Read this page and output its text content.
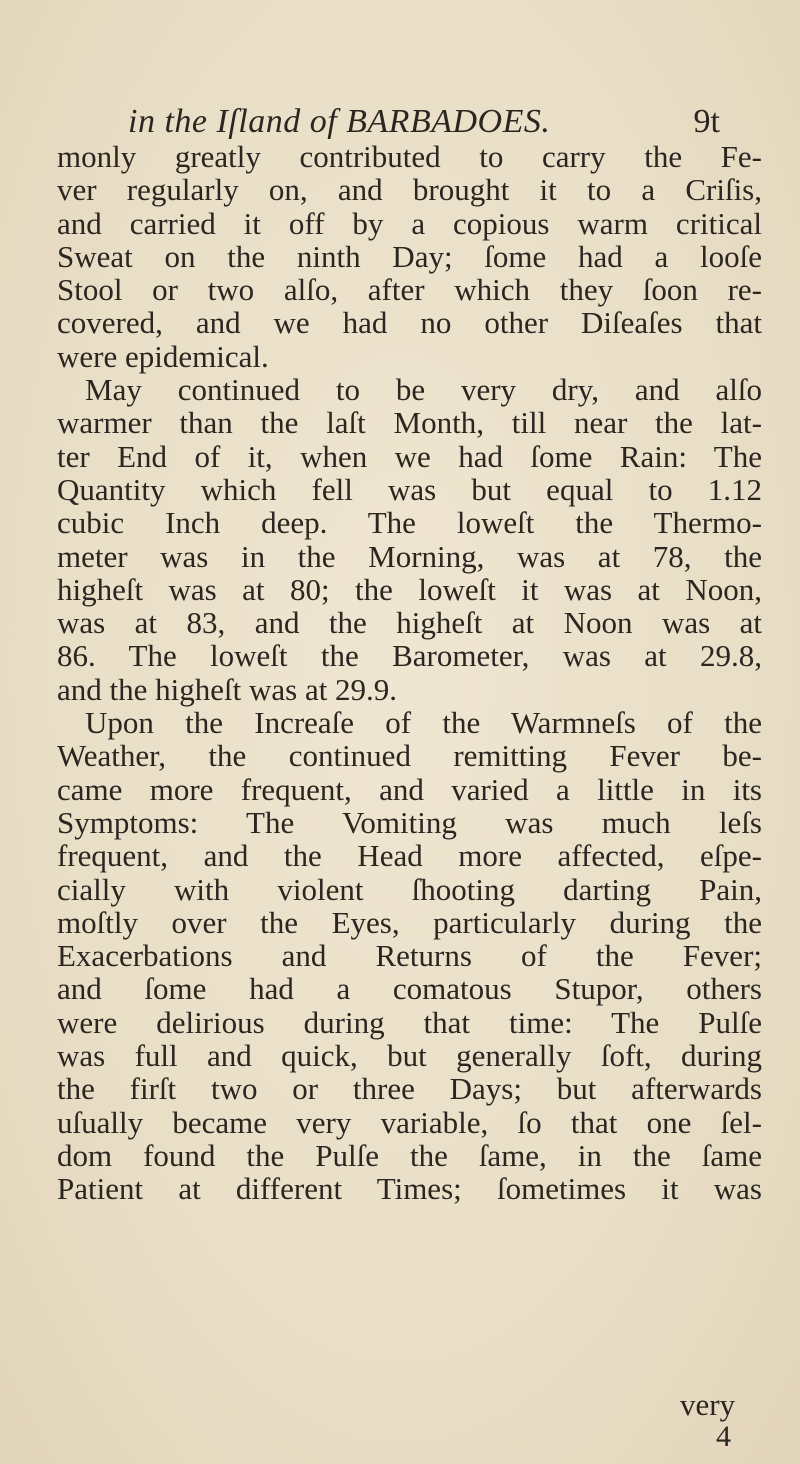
in the Iſland of BARBADOES.	9t
monly greatly contributed to carry the Fe-
ver regularly on, and brought it to a Criſis,
and carried it off by a copious warm critical
Sweat on the ninth Day; ſome had a looſe
Stool or two alſo, after which they ſoon re-
covered, and we had no other Diſeaſes that
were epidemical.
May continued to be very dry, and alſo
warmer than the laſt Month, till near the lat-
ter End of it, when we had ſome Rain: The
Quantity which fell was but equal to 1.12
cubic Inch deep. The loweſt the Thermo-
meter was in the Morning, was at 78, the
higheſt was at 80; the loweſt it was at Noon,
was at 83, and the higheſt at Noon was at
86. The loweſt the Barometer, was at 29.8,
and the higheſt was at 29.9.
Upon the Increaſe of the Warmneſs of the
Weather, the continued remitting Fever be-
came more frequent, and varied a little in its
Symptoms: The Vomiting was much leſs
frequent, and the Head more affected, eſpe-
cially with violent ſhooting darting Pain,
moſtly over the Eyes, particularly during the
Exacerbations and Returns of the Fever;
and ſome had a comatous Stupor, others
were delirious during that time: The Pulſe
was full and quick, but generally ſoft, during
the firſt two or three Days; but afterwards
uſually became very variable, ſo that one ſel-
dom found the Pulſe the ſame, in the ſame
Patient at different Times; ſometimes it was
very
4
